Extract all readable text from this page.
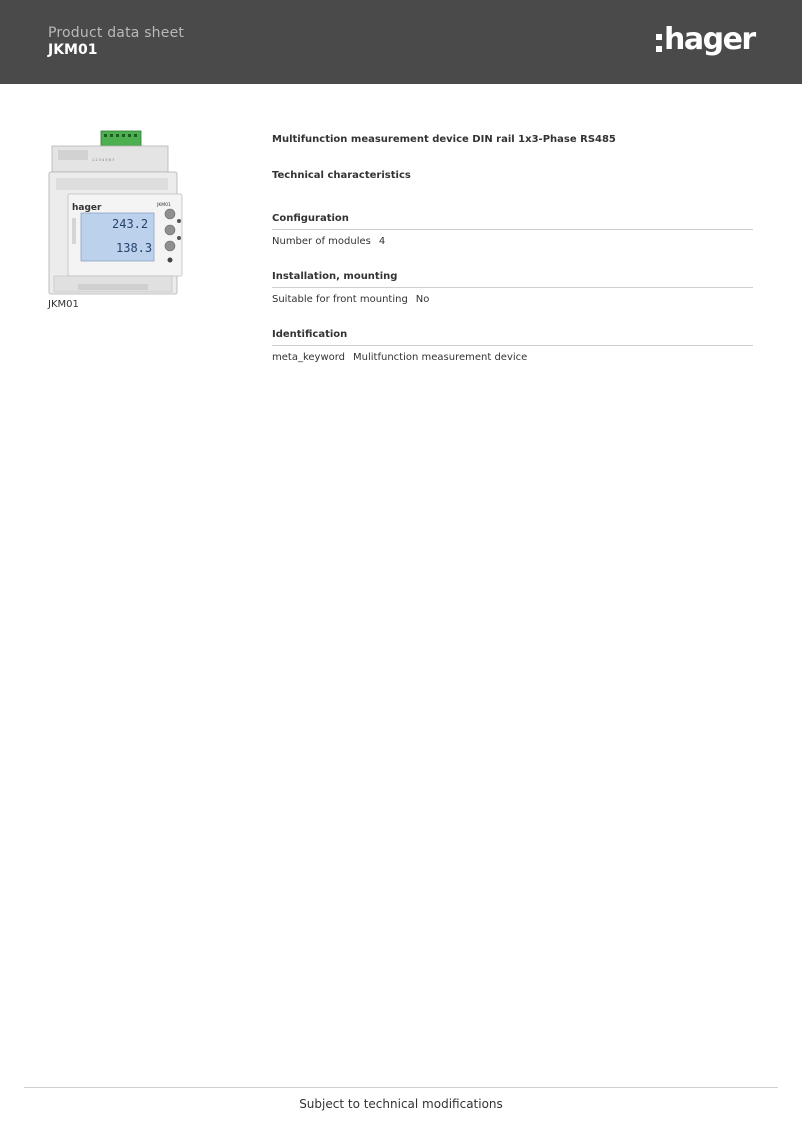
Product data sheet
JKM01	hager
1 2 3 4 5 6 7
hager	JKM01
243.2
138.3
JKM01
Multifunction measurement device DIN rail 1x3-Phase RS485
Technical characteristics
Configuration
Number of modules 4
Installation, mounting
Suitable for front mounting No
Identification
meta_keyword Mulitfunction measurement device
Subject to technical modifications
